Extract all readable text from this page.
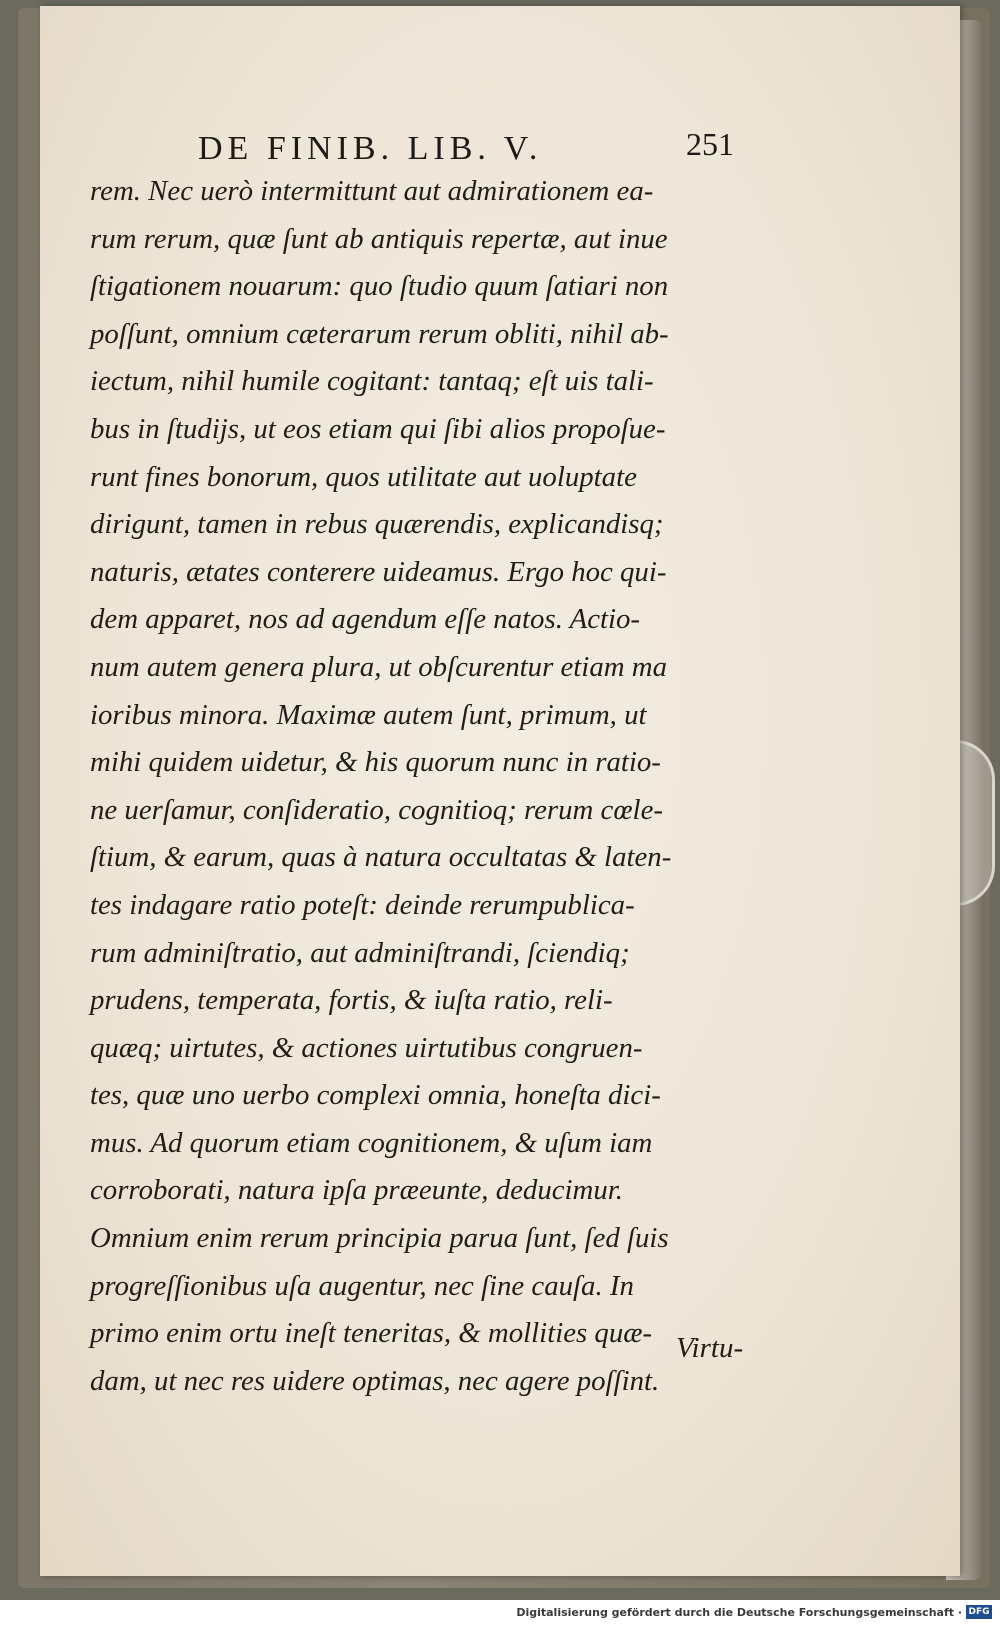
DE FINIB. LIB. V.	251
rem. Nec uerò intermittunt aut admirationem ea-
rum rerum, quæ ſunt ab antiquis repertæ, aut inue
ſtigationem nouarum: quo ſtudio quum ſatiari non
poſſunt, omnium cæterarum rerum obliti, nihil ab-
iectum, nihil humile cogitant: tantaq; eſt uis tali-
bus in ſtudijs, ut eos etiam qui ſibi alios propoſue-
runt fines bonorum, quos utilitate aut uoluptate
dirigunt, tamen in rebus quærendis, explicandisq;
naturis, ætates conterere uideamus. Ergo hoc qui-
dem apparet, nos ad agendum eſſe natos. Actio-
num autem genera plura, ut obſcurentur etiam ma
ioribus minora. Maximæ autem ſunt, primum, ut
mihi quidem uidetur, & his quorum nunc in ratio-
ne uerſamur, conſideratio, cognitioq; rerum cœle-
ſtium, & earum, quas à natura occultatas & laten-
tes indagare ratio poteſt: deinde rerumpublica-
rum adminiſtratio, aut adminiſtrandi, ſciendiq;
prudens, temperata, fortis, & iuſta ratio, reli-
quæq; uirtutes, & actiones uirtutibus congruen-
tes, quæ uno uerbo complexi omnia, honeſta dici-
mus. Ad quorum etiam cognitionem, & uſum iam
corroborati, natura ipſa præeunte, deducimur.
Omnium enim rerum principia parua ſunt, ſed ſuis
progreſſionibus uſa augentur, nec ſine cauſa. In
primo enim ortu ineſt teneritas, & mollities quæ-
dam, ut nec res uidere optimas, nec agere poſſint.
Virtu-
Digitalisierung gefördert durch die Deutsche Forschungsgemeinschaft · DFG
